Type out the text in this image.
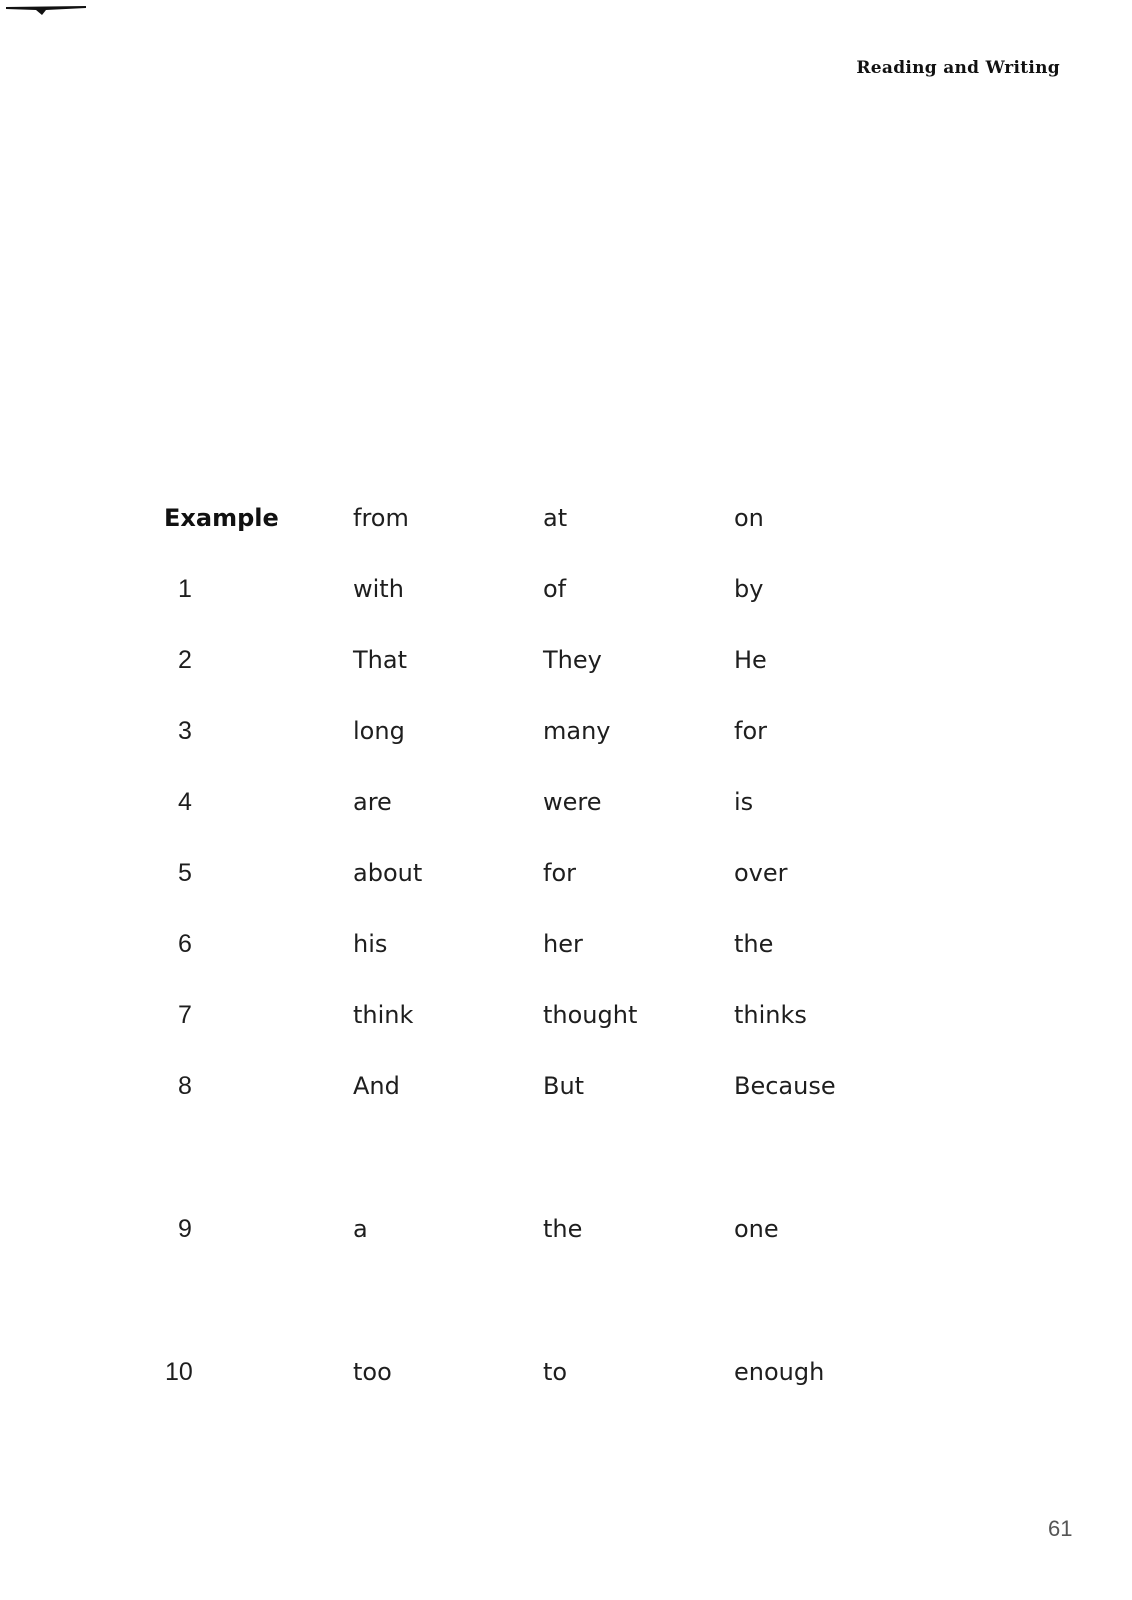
Reading and Writing
Example	from	at	on
1	with	of	by
2	That	They	He
3	long	many	for
4	are	were	is
5	about	for	over
6	his	her	the
7	think	thought	thinks
8	And	But	Because
9	a	the	one
10	too	to	enough
61
